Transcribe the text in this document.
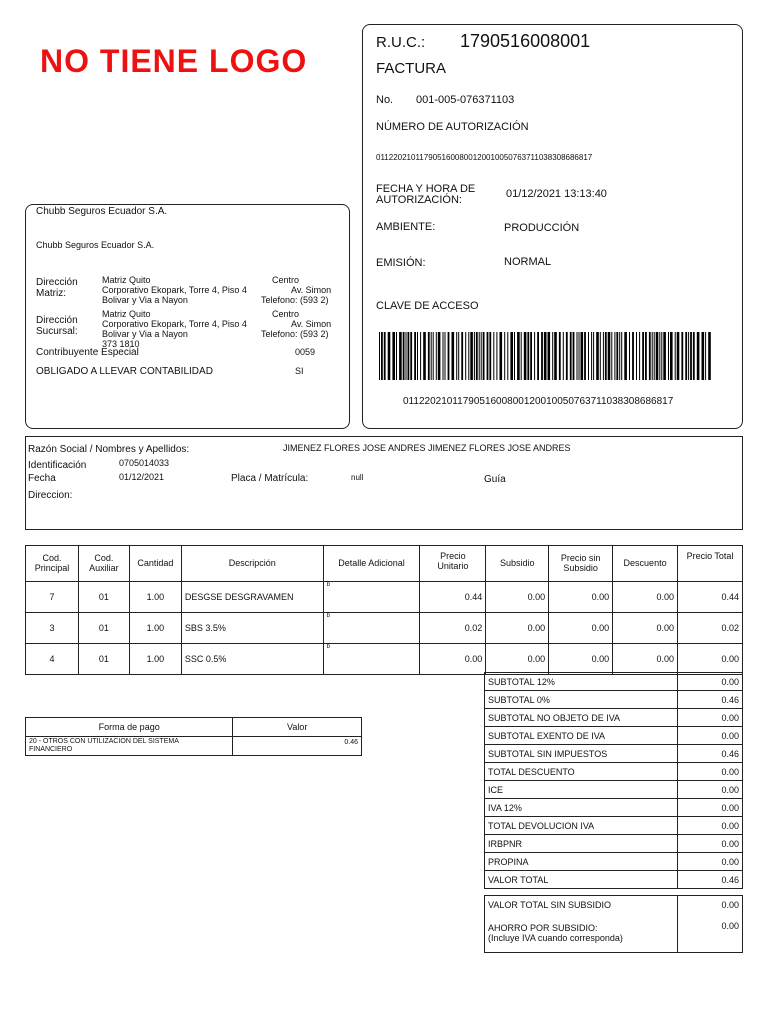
NO TIENE LOGO
R.U.C.: 1790516008001
FACTURA
No. 001-005-076371103
NÚMERO DE AUTORIZACIÓN
0112202101179051600800120010050763711038308686817
FECHA Y HORA DE
AUTORIZACIÓN:	01/12/2021 13:13:40
AMBIENTE:	PRODUCCIÓN
EMISIÓN:	NORMAL
CLAVE DE ACCESO
0112202101179051600800120010050763711038308686817
Chubb Seguros Ecuador S.A.
Chubb Seguros Ecuador S.A.
Dirección
Matriz:
Matriz Quito	Centro
Corporativo Ekopark, Torre 4, Piso 4	Av. Simon
Bolivar y Via a Nayon	Telefono: (593 2)
Dirección
Sucursal:
Matriz Quito	Centro
Corporativo Ekopark, Torre 4, Piso 4	Av. Simon
Bolivar y Via a Nayon	Telefono: (593 2)
373 1810
Contribuyente Especial	0059
OBLIGADO A LLEVAR CONTABILIDAD	SI
Razón Social / Nombres y Apellidos:	JIMENEZ FLORES JOSE ANDRES JIMENEZ FLORES JOSE ANDRES
Identificación	0705014033
Fecha	01/12/2021	Placa / Matrícula:	null	Guía
Direccion:
Cod. Principal	Cod. Auxiliar	Cantidad	Descripción	Detalle Adicional	Precio Unitario	Subsidio	Precio sin Subsidio	Descuento	Precio Total
7	01	1.00	DESGSE DESGRAVAMEN	b	0.44	0.00	0.00	0.00	0.44
3	01	1.00	SBS 3.5%	b	0.02	0.00	0.00	0.00	0.02
4	01	1.00	SSC 0.5%	b	0.00	0.00	0.00	0.00	0.00
Forma de pago	Valor

20 - OTROS CON UTILIZACION DEL SISTEMA
FINANCIERO	0.46
SUBTOTAL 12%	0.00
SUBTOTAL 0%	0.46
SUBTOTAL NO OBJETO DE IVA	0.00
SUBTOTAL EXENTO DE IVA	0.00
SUBTOTAL SIN IMPUESTOS	0.46
TOTAL DESCUENTO	0.00
ICE	0.00
IVA 12%	0.00
TOTAL DEVOLUCION IVA	0.00
IRBPNR	0.00
PROPINA	0.00
VALOR TOTAL	0.46
VALOR TOTAL SIN SUBSIDIO	0.00

AHORRO POR SUBSIDIO:
(Incluye IVA cuando corresponda)	0.00
